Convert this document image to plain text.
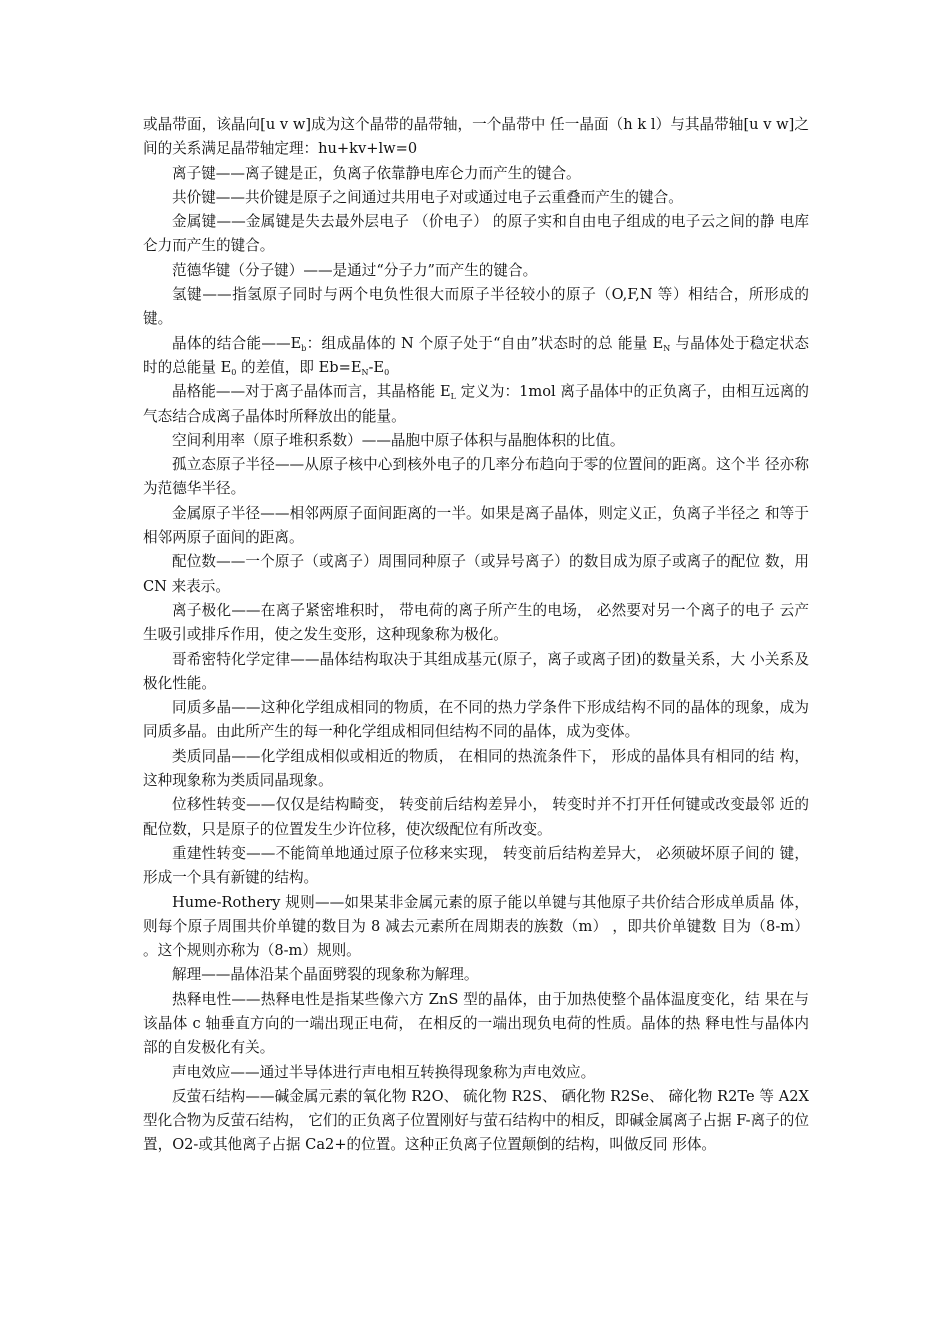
或晶带面，该晶向[u v w]成为这个晶带的晶带轴，一个晶带中 任一晶面（h k l）与其晶带轴[u v w]之间的关系满足晶带轴定理：hu+kv+lw=0

离子键——离子键是正，负离子依靠静电库仑力而产生的键合。

共价键——共价键是原子之间通过共用电子对或通过电子云重叠而产生的键合。

金属键——金属键是失去最外层电子 （价电子） 的原子实和自由电子组成的电子云之间的静 电库仑力而产生的键合。

范德华键（分子键）——是通过“分子力”而产生的键合。

氢键——指氢原子同时与两个电负性很大而原子半径较小的原子（O,F,N 等）相结合，所形成的键。

晶体的结合能$——E_b$：组成晶体的 N 个原子处于“自由”状态时的总 能量 $E_N$ 与晶体处于稳定状态时的总能量 $E_0$ 的差值，即 $Eb=E_N-E_0$

晶格能——对于离子晶体而言，其晶格能 $E_L$ 定义为：1mol 离子晶体中的正负离子，由相互远离的气态结合成离子晶体时所释放出的能量。

空间利用率（原子堆积系数）——晶胞中原子体积与晶胞体积的比值。

孤立态原子半径——从原子核中心到核外电子的几率分布趋向于零的位置间的距离。这个半 径亦称为范德华半径。

金属原子半径——相邻两原子面间距离的一半。如果是离子晶体，则定义正，负离子半径之 和等于相邻两原子面间的距离。

配位数——一个原子（或离子）周围同种原子（或异号离子）的数目成为原子或离子的配位 数，用 CN 来表示。

离子极化——在离子紧密堆积时， 带电荷的离子所产生的电场， 必然要对另一个离子的电子 云产生吸引或排斥作用，使之发生变形，这种现象称为极化。

哥希密特化学定律——晶体结构取决于其组成基元(原子，离子或离子团)的数量关系，大 小关系及极化性能。

同质多晶——这种化学组成相同的物质，在不同的热力学条件下形成结构不同的晶体的现象，成为同质多晶。由此所产生的每一种化学组成相同但结构不同的晶体，成为变体。

类质同晶——化学组成相似或相近的物质， 在相同的热流条件下， 形成的晶体具有相同的结 构，这种现象称为类质同晶现象。

位移性转变——仅仅是结构畸变， 转变前后结构差异小， 转变时并不打开任何键或改变最邻 近的配位数，只是原子的位置发生少许位移，使次级配位有所改变。

重建性转变——不能简单地通过原子位移来实现， 转变前后结构差异大， 必须破坏原子间的 键，形成一个具有新键的结构。

Hume-Rothery 规则——如果某非金属元素的原子能以单键与其他原子共价结合形成单质晶 体，则每个原子周围共价单键的数目为 8 减去元素所在周期表的族数（m） ，即共价单键数 目为（8-m） 。这个规则亦称为（8-m）规则。

解理——晶体沿某个晶面劈裂的现象称为解理。

热释电性——热释电性是指某些像六方 ZnS 型的晶体，由于加热使整个晶体温度变化，结 果在与该晶体 c 轴垂直方向的一端出现正电荷， 在相反的一端出现负电荷的性质。晶体的热 释电性与晶体内部的自发极化有关。

声电效应——通过半导体进行声电相互转换得现象称为声电效应。

反萤石结构——碱金属元素的氧化物 R2O、 硫化物 R2S、 硒化物 R2Se、 碲化物 R2Te 等 A2X 型化合物为反萤石结构， 它们的正负离子位置刚好与萤石结构中的相反，即碱金属离子占据 F-离子的位置，O2-或其他离子占据 Ca2+的位置。这种正负离子位置颠倒的结构，叫做反同 形体。
